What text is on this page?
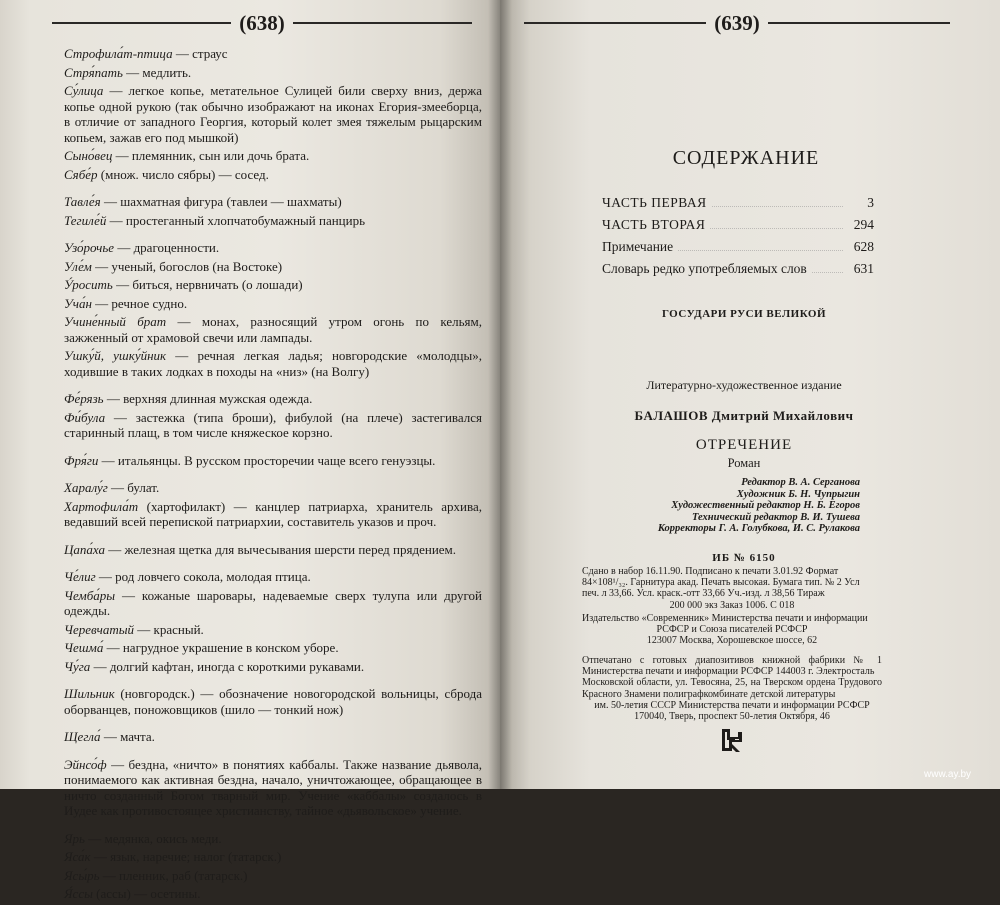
(638)
Строфила́т-птица — страус
Стря́пать — медлить.
Су́лица — легкое копье, метательное Сулицей били сверху вниз, держа копье одной рукою (так обычно изображают на иконах Егория-змееборца, в отличие от западного Георгия, который колет змея тяжелым рыцарским копьем, зажав его под мышкой)
Сыно́вец — племянник, сын или дочь брата.
Сябе́р (множ. число сябры) — сосед.
Тавле́я — шахматная фигура (тавлеи — шахматы)
Тегиле́й — простеганный хлопчатобумажный панцирь
Узо́рочье — драгоценности.
Уле́м — ученый, богослов (на Востоке)
У́росить — биться, нервничать (о лошади)
Уча́н — речное судно.
Учине́нный брат — монах, разносящий утром огонь по кельям, зажженный от храмовой свечи или лампады.
Ушку́й, ушку́йник — речная легкая ладья; новгородские «молодцы», ходившие в таких лодках в походы на «низ» (на Волгу)
Фе́рязь — верхняя длинная мужская одежда.
Фи́була — застежка (типа броши), фибулой (на плече) застегивался старинный плащ, в том числе княжеское корзно.
Фря́ги — итальянцы. В русском просторечии чаще всего генуэзцы.
Харалу́г — булат.
Хартофила́т (хартофилакт) — канцлер патриарха, хранитель архива, ведавший всей перепиской патриархии, составитель указов и проч.
Цапа́ха — железная щетка для вычесывания шерсти перед прядением.
Че́лиг — род ловчего сокола, молодая птица.
Чемба́ры — кожаные шаровары, надеваемые сверх тулупа или другой одежды.
Черевчатый — красный.
Чешма́ — нагрудное украшение в конском уборе.
Чу́га — долгий кафтан, иногда с короткими рукавами.
Шильник (новгородск.) — обозначение новогородской вольницы, сброда оборванцев, поножовщиков (шило — тонкий нож)
Щегла́ — мачта.
Эйнсо́ф — бездна, «ничто» в понятиях каббалы. Также название дьявола, понимаемого как активная бездна, начало, уничтожающее, обращающее в ничто созданный Богом тварный мир. Учение «каббалы» создалось в Иудее как противостоящее христианству, тайное «дьявольское» учение.
Ярь — медянка, окись меди.
Яса́к — язык, наречие; налог (татарск.)
Ясы́рь — пленник, раб (татарск.)
Я́ссы (ассы) — осетины.
(639)
СОДЕРЖАНИЕ
ЧАСТЬ ПЕРВАЯ	3
ЧАСТЬ ВТОРАЯ	294
Примечание	628
Словарь редко употребляемых слов	631
ГОСУДАРИ РУСИ ВЕЛИКОЙ
Литературно-художественное издание
БАЛАШОВ Дмитрий Михайлович
ОТРЕЧЕНИЕ
Роман
Редактор В. А. Серганова
Художник Б. Н. Чупрыгин
Художественный редактор Н. Б. Егоров
Технический редактор В. И. Тушева
Корректоры Г. А. Голубкова, И. С. Рулакова
ИБ № 6150
Сдано в набор 16.11.90. Подписано к печати 3.01.92 Формат
84×108¹/₃₂. Гарнитура акад. Печать высокая. Бумага тип. № 2 Усл
печ. л 33,66. Усл. краск.-отт 33,66 Уч.-изд. л 38,56 Тираж
200 000 экз Заказ 1006. С 018
Издательство «Современник» Министерства печати и информации
РСФСР и Союза писателей РСФСР
123007 Москва, Хорошевское шоссе, 62
Отпечатано с готовых диапозитивов книжной фабрики № 1 Министерства печати и информации РСФСР 144003 г. Электросталь
Московской области, ул. Тевосяна, 25, на Тверском ордена Трудового Красного Знамени полиграфкомбинате детской литературы
им. 50-летия СССР Министерства печати и информации РСФСР
170040, Тверь, проспект 50-летия Октября, 46
www.ay.by
